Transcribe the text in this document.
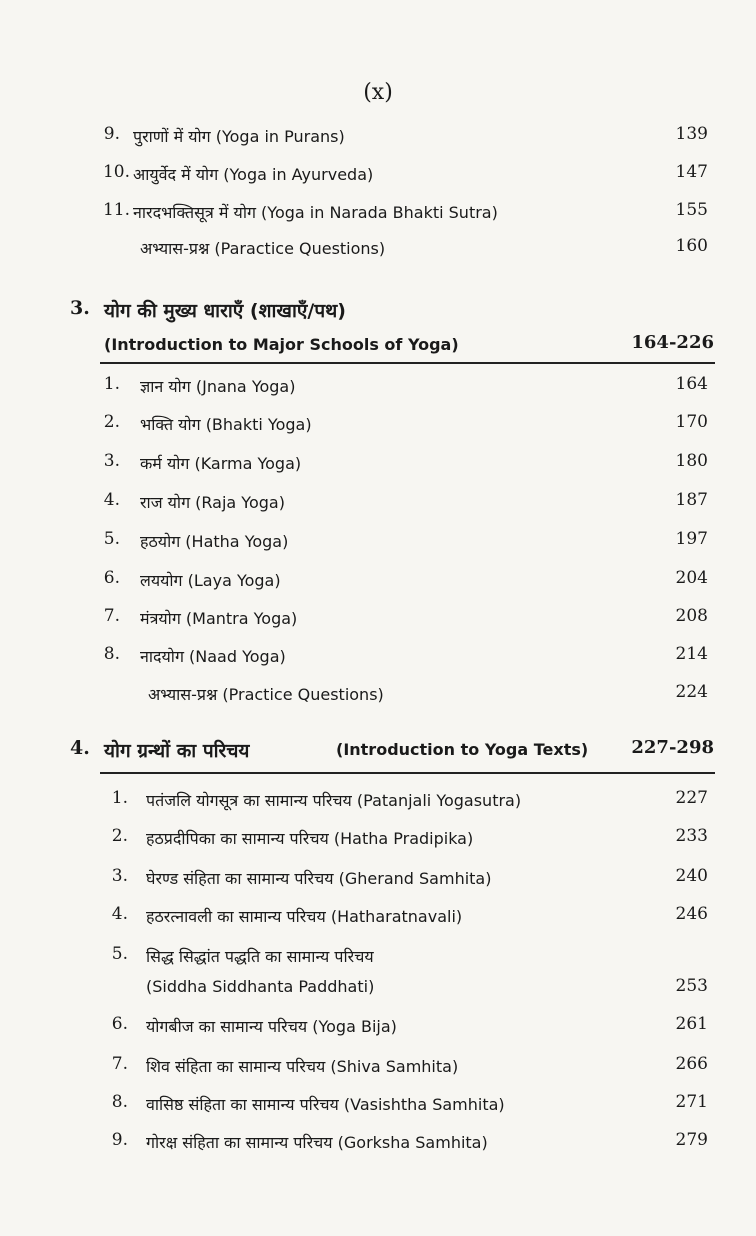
(x)
9. पुराणों में योग (Yoga in Purans)	139
10. आयुर्वेद में योग (Yoga in Ayurveda)	147
11. नारदभक्तिसूत्र में योग (Yoga in Narada Bhakti Sutra)	155
अभ्यास-प्रश्न (Paractice Questions)	160
3. योग की मुख्य धाराएँ (शाखाएँ/पथ)
(Introduction to Major Schools of Yoga)	164-226
1. ज्ञान योग (Jnana Yoga)	164
2. भक्ति योग (Bhakti Yoga)	170
3. कर्म योग (Karma Yoga)	180
4. राज योग (Raja Yoga)	187
5. हठयोग (Hatha Yoga)	197
6. लययोग (Laya Yoga)	204
7. मंत्रयोग (Mantra Yoga)	208
8. नादयोग (Naad Yoga)	214
अभ्यास-प्रश्न (Practice Questions)	224
4. योग ग्रन्थों का परिचय	(Introduction to Yoga Texts) 227-298
1. पतंजलि योगसूत्र का सामान्य परिचय (Patanjali Yogasutra)	227
2. हठप्रदीपिका का सामान्य परिचय (Hatha Pradipika)	233
3. घेरण्ड संहिता का सामान्य परिचय (Gherand Samhita)	240
4. हठरत्नावली का सामान्य परिचय (Hatharatnavali)	246
5. सिद्ध सिद्धांत पद्धति का सामान्य परिचय
(Siddha Siddhanta Paddhati)	253
6. योगबीज का सामान्य परिचय (Yoga Bija)	261
7. शिव संहिता का सामान्य परिचय (Shiva Samhita)	266
8. वासिष्ठ संहिता का सामान्य परिचय (Vasishtha Samhita)	271
9. गोरक्ष संहिता का सामान्य परिचय (Gorksha Samhita)	279
